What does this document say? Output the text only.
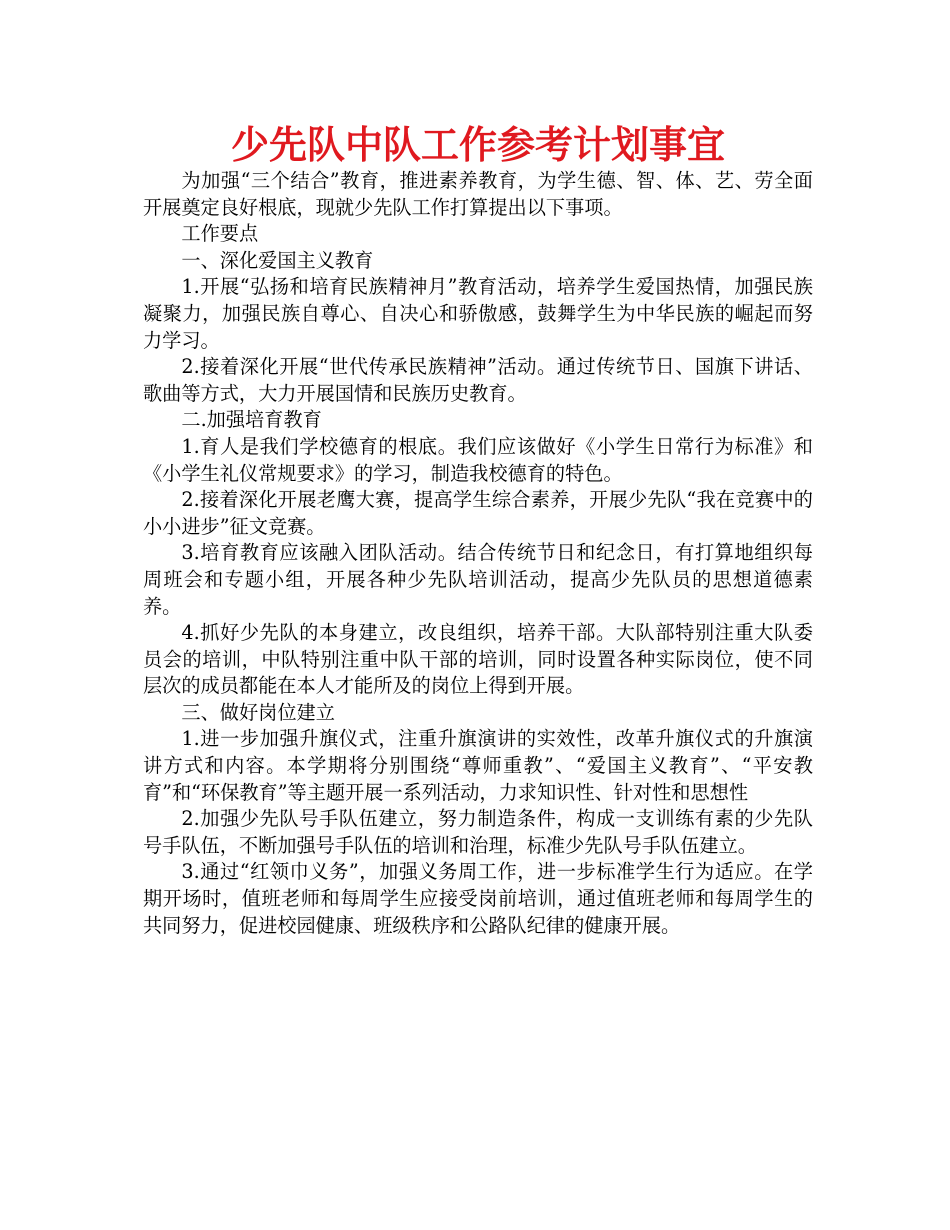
少先队中队工作参考计划事宜

为加强“三个结合”教育，推进素养教育，为学生德、智、体、艺、劳全面开展奠定良好根底，现就少先队工作打算提出以下事项。

工作要点

一、深化爱国主义教育

1.开展“弘扬和培育民族精神月”教育活动，培养学生爱国热情，加强民族凝聚力，加强民族自尊心、自决心和骄傲感，鼓舞学生为中华民族的崛起而努力学习。

2.接着深化开展“世代传承民族精神”活动。通过传统节日、国旗下讲话、歌曲等方式，大力开展国情和民族历史教育。

二.加强培育教育

1.育人是我们学校德育的根底。我们应该做好《小学生日常行为标准》和《小学生礼仪常规要求》的学习，制造我校德育的特色。

2.接着深化开展老鹰大赛，提高学生综合素养，开展少先队“我在竞赛中的小小进步”征文竞赛。

3.培育教育应该融入团队活动。结合传统节日和纪念日，有打算地组织每周班会和专题小组，开展各种少先队培训活动，提高少先队员的思想道德素养。

4.抓好少先队的本身建立，改良组织，培养干部。大队部特别注重大队委员会的培训，中队特别注重中队干部的培训，同时设置各种实际岗位，使不同层次的成员都能在本人才能所及的岗位上得到开展。

三、做好岗位建立

1.进一步加强升旗仪式，注重升旗演讲的实效性，改革升旗仪式的升旗演讲方式和内容。本学期将分别围绕“尊师重教”、“爱国主义教育”、“平安教育”和“环保教育”等主题开展一系列活动，力求知识性、针对性和思想性

2.加强少先队号手队伍建立，努力制造条件，构成一支训练有素的少先队号手队伍，不断加强号手队伍的培训和治理，标准少先队号手队伍建立。

3.通过“红领巾义务”，加强义务周工作，进一步标准学生行为适应。在学期开场时，值班老师和每周学生应接受岗前培训，通过值班老师和每周学生的共同努力，促进校园健康、班级秩序和公路队纪律的健康开展。
